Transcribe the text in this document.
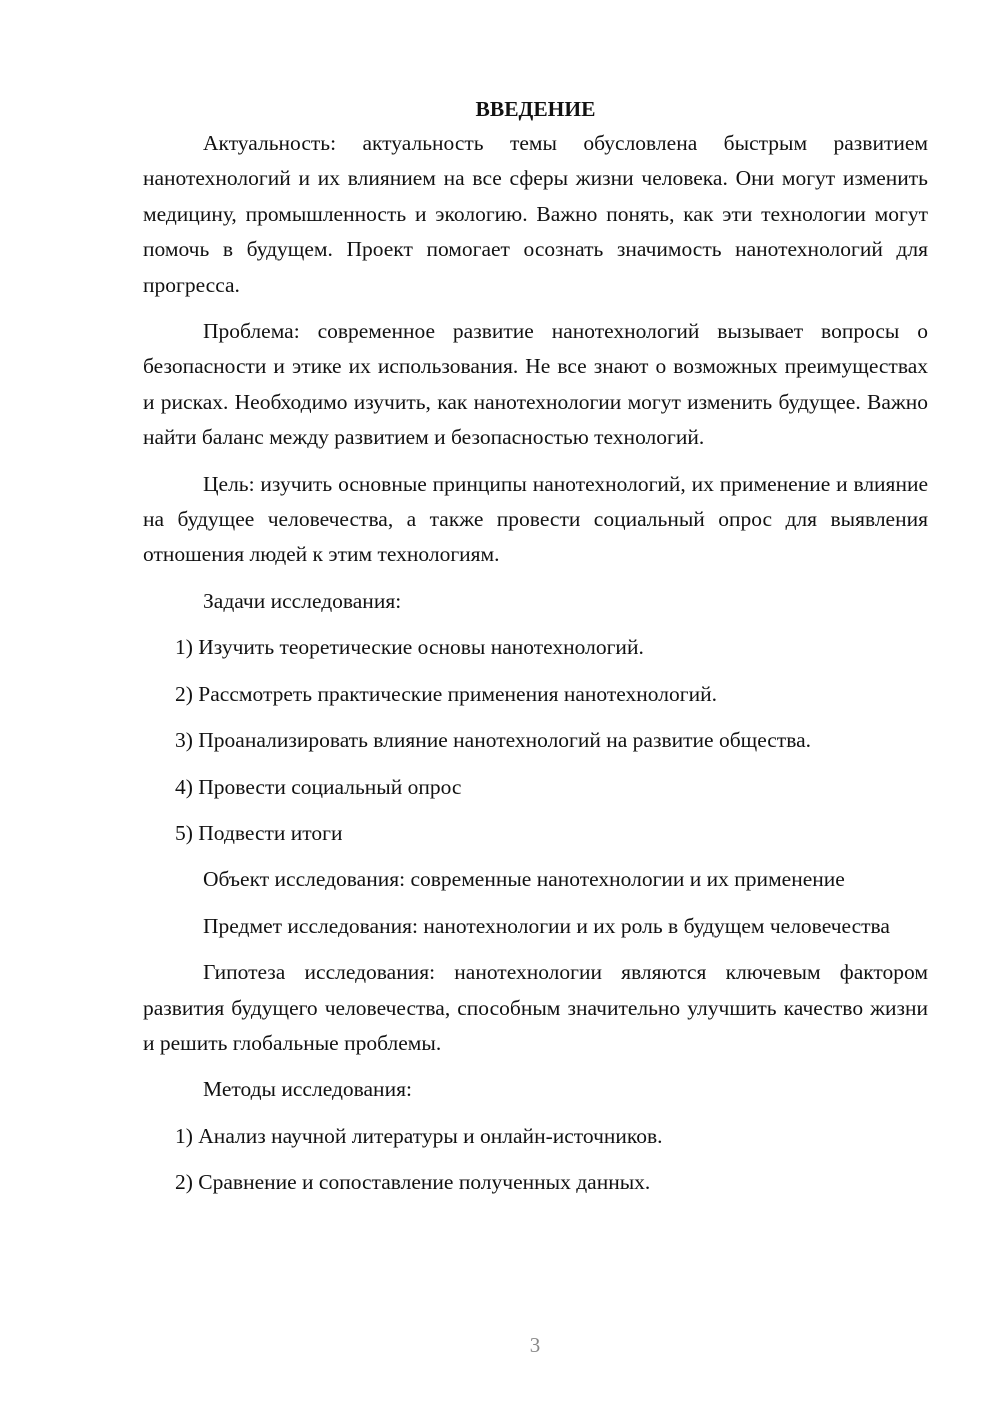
ВВЕДЕНИЕ

Актуальность: актуальность темы обусловлена быстрым развитием нанотехнологий и их влиянием на все сферы жизни человека. Они могут изменить медицину, промышленность и экологию. Важно понять, как эти технологии могут помочь в будущем. Проект помогает осознать значимость нанотехнологий для прогресса.

Проблема: современное развитие нанотехнологий вызывает вопросы о безопасности и этике их использования. Не все знают о возможных преимуществах и рисках. Необходимо изучить, как нанотехнологии могут изменить будущее. Важно найти баланс между развитием и безопасностью технологий.

Цель: изучить основные принципы нанотехнологий, их применение и влияние на будущее человечества, а также провести социальный опрос для выявления отношения людей к этим технологиям.

Задачи исследования:

1) Изучить теоретические основы нанотехнологий.

2) Рассмотреть практические применения нанотехнологий.

3) Проанализировать влияние нанотехнологий на развитие общества.

4) Провести социальный опрос

5) Подвести итоги

Объект исследования: современные нанотехнологии и их применение

Предмет исследования: нанотехнологии и их роль в будущем человечества

Гипотеза исследования: нанотехнологии являются ключевым фактором развития будущего человечества, способным значительно улучшить качество жизни и решить глобальные проблемы.

Методы исследования:

1) Анализ научной литературы и онлайн-источников.

2) Сравнение и сопоставление полученных данных.

3
